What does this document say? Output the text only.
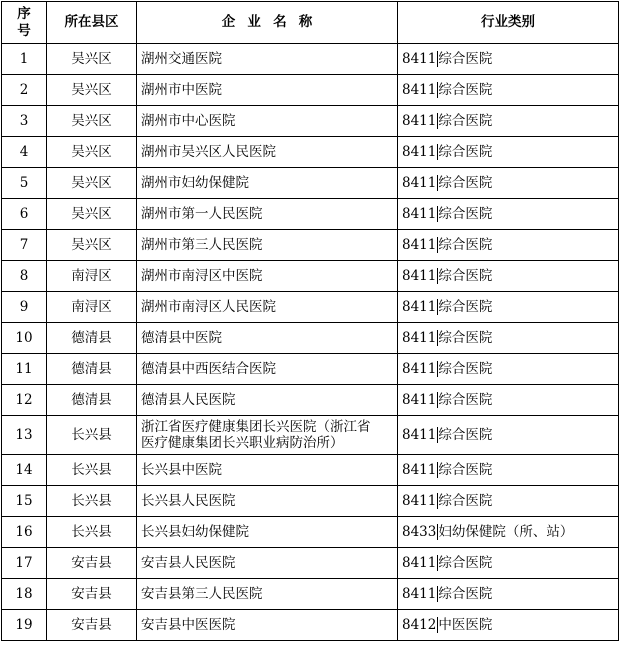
序
号	所在县区	企业名称	行业类别
1	吴兴区	湖州交通医院	8411 综合医院
2	吴兴区	湖州市中医院	8411 综合医院
3	吴兴区	湖州市中心医院	8411 综合医院
4	吴兴区	湖州市吴兴区人民医院	8411 综合医院
5	吴兴区	湖州市妇幼保健院	8411 综合医院
6	吴兴区	湖州市第一人民医院	8411 综合医院
7	吴兴区	湖州市第三人民医院	8411 综合医院
8	南浔区	湖州市南浔区中医院	8411 综合医院
9	南浔区	湖州市南浔区人民医院	8411 综合医院
10	德清县	德清县中医院	8411 综合医院
11	德清县	德清县中西医结合医院	8411 综合医院
12	德清县	德清县人民医院	8411 综合医院
13	长兴县	浙江省医疗健康集团长兴医院（浙江省
医疗健康集团长兴职业病防治所）	8411 综合医院
14	长兴县	长兴县中医院	8411 综合医院
15	长兴县	长兴县人民医院	8411 综合医院
16	长兴县	长兴县妇幼保健院	8433 妇幼保健院（所、站）
17	安吉县	安吉县人民医院	8411 综合医院
18	安吉县	安吉县第三人民医院	8411 综合医院
19	安吉县	安吉县中医医院	8412 中医医院
